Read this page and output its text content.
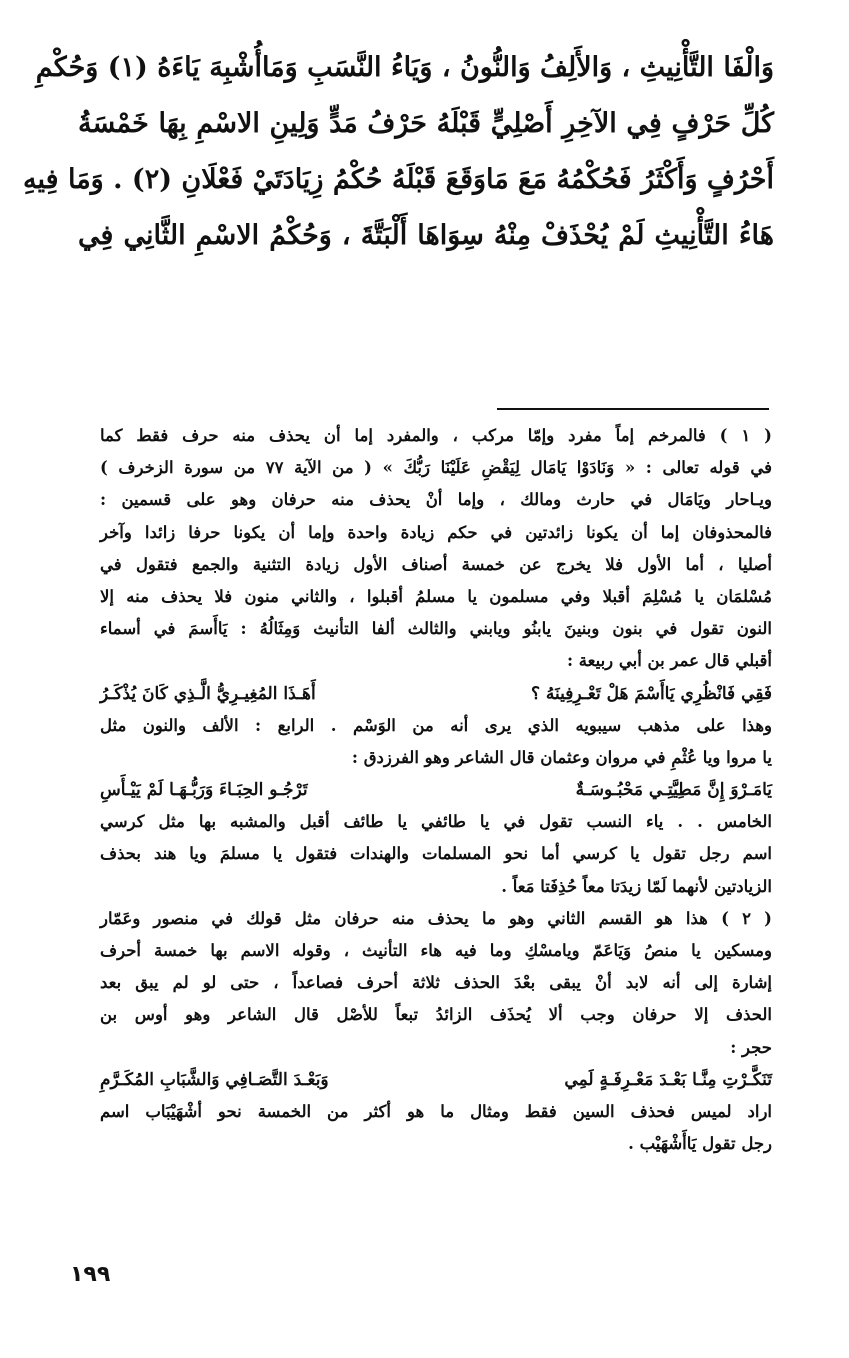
وَالْفَا التَّأْنِيثِ ، وَالأَلِفُ وَالنُّونُ ، وَيَاءُ النَّسَبِ وَمَاأُشْبِهَ يَاءَهُ (١) وَحُكْمِ
كُلِّ حَرْفٍ فِي الآخِرِ أَصْلِيٍّ قَبْلَهُ حَرْفُ مَدٍّ وَلِينِ الاسْمِ بِهَا خَمْسَةُ
أَحْرُفٍ وَأَكْثَرُ فَحُكْمُهُ مَعَ مَاوَقَعَ قَبْلَهُ حُكْمُ زِيَادَتَيْ فَعْلَانِ (٢) . وَمَا فِيهِ
هَاءُ التَّأْنِيثِ لَمْ يُحْذَفْ مِنْهُ سِوَاهَا أَلْبَتَّةَ ، وَحُكْمُ الاسْمِ الثَّانِي فِي
( ١ ) فالمرخم إماً مفرد وإمّا مركب ، والمفرد إما أن يحذف منه حرف فقط كما
في قوله تعالى : « وَنَادَوْا يَامَال لِيَقْضِ عَلَيْنَا رَبُّكَ » ( من الآية ٧٧ من سورة الزخرف )
ويـاحار ويَامَال في حارث ومالك ، وإما أنْ يحذف منه حرفان وهو على قسمين :
فالمحذوفان إما أن يكونا زائدتين في حكم زيادة واحدة وإما أن يكونا حرفا زائدا وآخر
أصليا ، أما الأول فلا يخرج عن خمسة أصناف الأول زيادة التثنية والجمع فتقول في
مُسْلمَان يا مُسْلِمَ أقبلا وفي مسلمون يا مسلمُ أقبلوا ، والثاني منون فلا يحذف منه إلا
النون تقول في بنون وبنينَ يابنُو ويابني والثالث ألفا التأنيث وَمِثَالُهُ : يَاأَسمَ في أسماء
أقبلي قال عمر بن أبي ربيعة :
فَقِي فَانْظُرِي يَاأَسْمَ هَلْ تَعْـرِفِينَهُ ؟
أَهَـذَا المُغِيـرِيُّ الَّـذِي كَانَ يُذْكَـرُ
وهذا على مذهب سيبويه الذي يرى أنه من الوَسْم . الرابع : الألف والنون مثل
يا مروا ويا عُثْمِ في مروان وعثمان قال الشاعر وهو الفرزدق :
يَامَـرْوَ إِنَّ مَطِيَّتِـي مَحْبُـوسَـةٌ
تَرْجُـو الحِبَـاءَ وَرَبُّـهَـا لَمْ يَيْـأَسِ
الخامس . . ياء النسب تقول في يا طائفي يا طائف أقبل والمشبه بها مثل كرسي
اسم رجل تقول يا كرسي أما نحو المسلمات والهندات فتقول يا مسلمَ ويا هند بحذف
الزيادتين لأنهما لَمّا زيدَتا معاً حُذِفَتا مَعاً .
( ٢ ) هذا هو القسم الثاني وهو ما يحذف منه حرفان مثل قولك في منصور وعَمّار
ومسكين يا منصُ وَيَاعَمّ ويامسْكِ وما فيه هاء التأنيث ، وقوله الاسم بها خمسة أحرف
إشارة إلى أنه لابد أنْ يبقى بعْدَ الحذف ثلاثة أحرف فصاعداً ، حتى لو لم يبق بعد
الحذف إلا حرفان وجب ألا يُحذَف الزائدُ تبعاً للأصْل قال الشاعر وهو أوس بن
حجر :
تَنَكَّـرْتِ مِنَّـا بَعْـدَ مَعْـرِفَـةٍ لَمِي
وَبَعْـدَ التَّصَـافِي وَالشَّبَابِ المُكَـرَّمِ
اراد لميس فحذف السين فقط ومثال ما هو أكثر من الخمسة نحو أشْهَيْبَاب اسم
رجل تقول يَاأَشْهَيْب .
١٩٩
